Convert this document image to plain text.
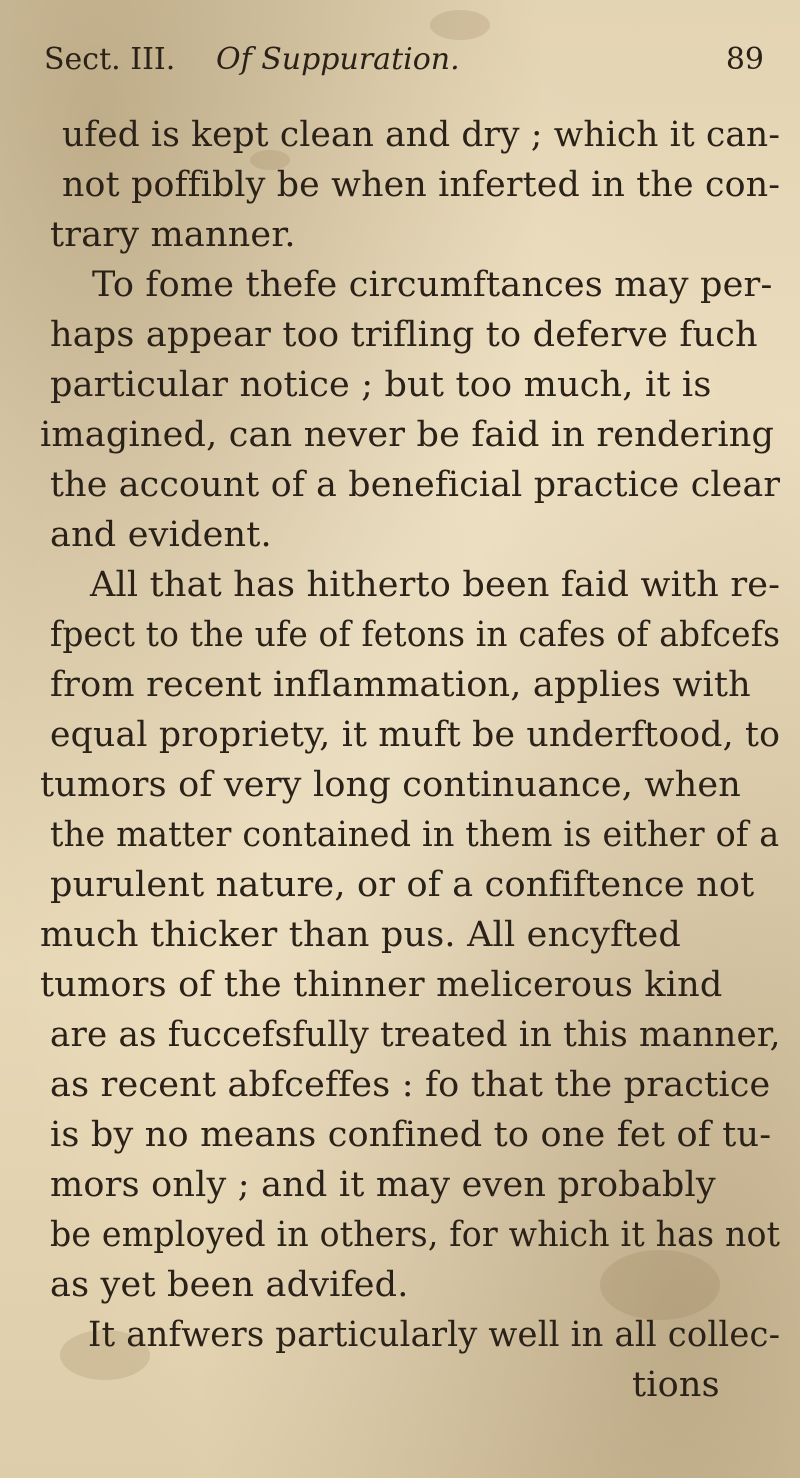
Sect. III. Of Suppuration.	89
ufed is kept clean and dry ; which it can-
not poffibly be when inferted in the con-
trary manner.
To fome thefe circumftances may per-
haps appear too trifling to deferve fuch
particular notice ; but too much, it is
imagined, can never be faid in rendering
the account of a beneficial practice clear
and evident.
All that has hitherto been faid with re-
fpect to the ufe of fetons in cafes of abfcefs
from recent inflammation, applies with
equal propriety, it muft be underftood, to
tumors of very long continuance, when
the matter contained in them is either of a
purulent nature, or of a confiftence not
much thicker than pus. All encyfted
tumors of the thinner melicerous kind
are as fuccefsfully treated in this manner,
as recent abfceffes : fo that the practice
is by no means confined to one fet of tu-
mors only ; and it may even probably
be employed in others, for which it has not
as yet been advifed.
It anfwers particularly well in all collec-
tions
